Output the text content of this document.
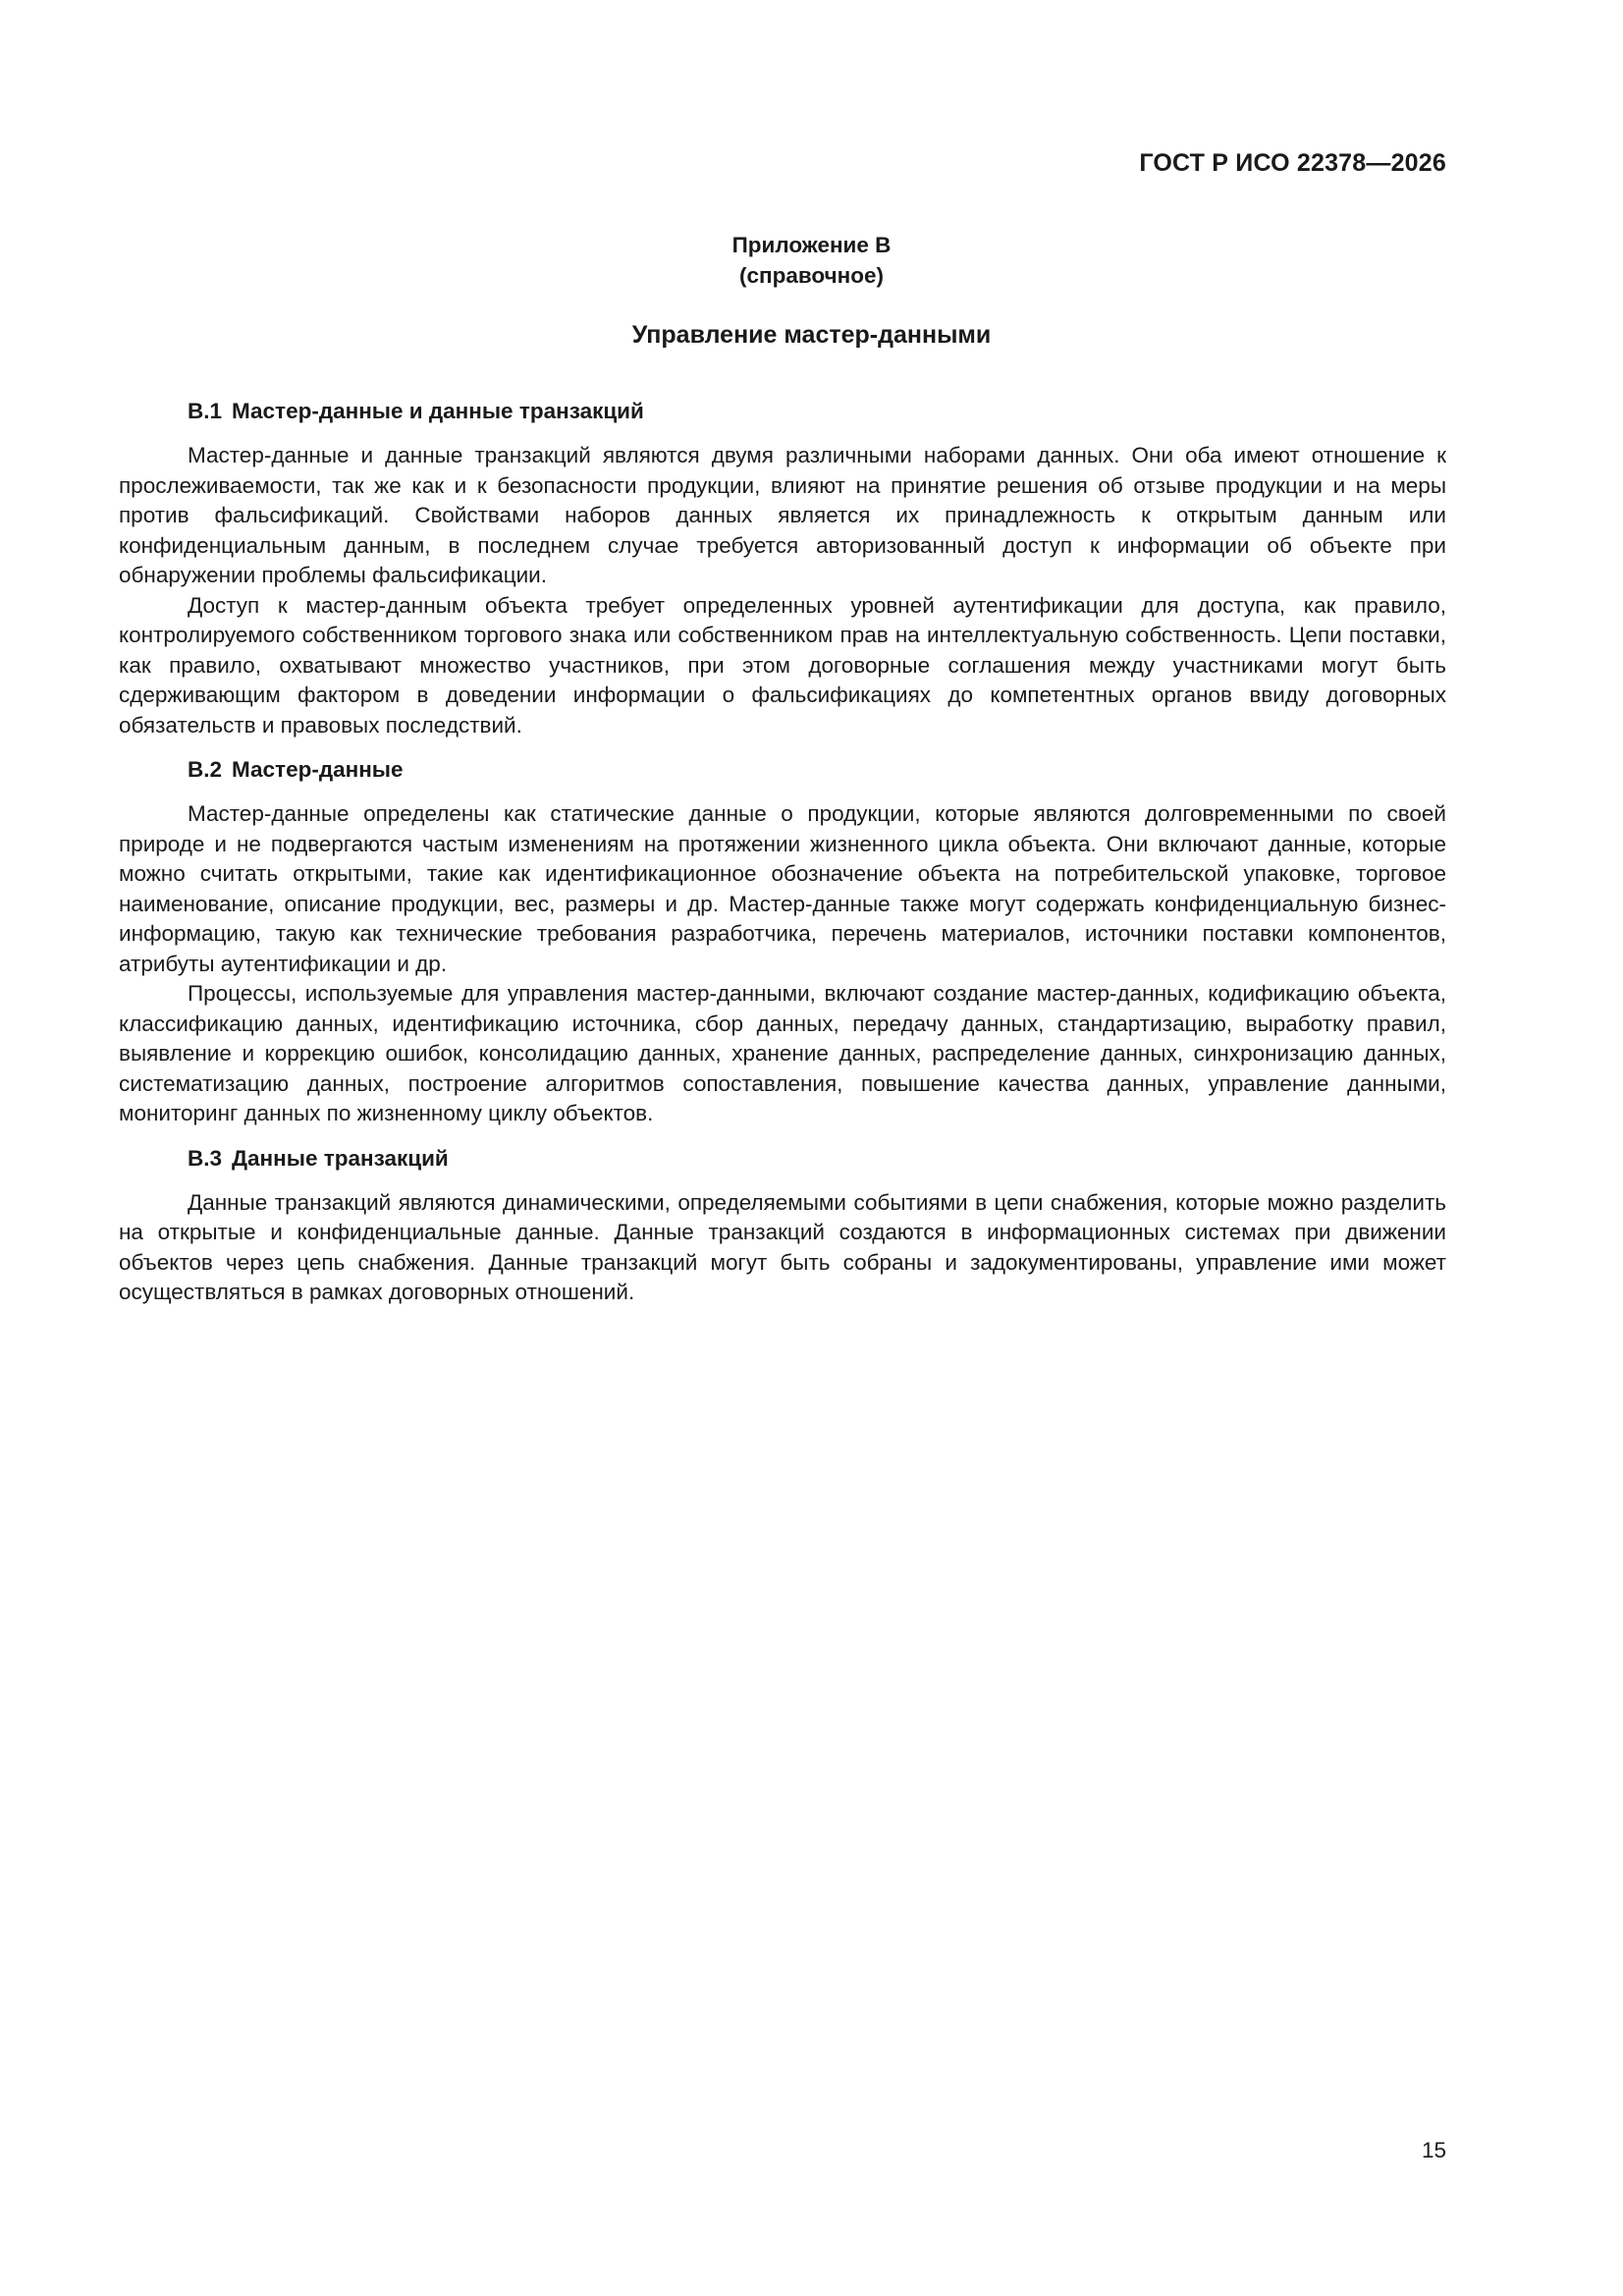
ГОСТ Р ИСО 22378—2026
Приложение В
(справочное)
Управление мастер-данными
В.1 Мастер-данные и данные транзакций

Мастер-данные и данные транзакций являются двумя различными наборами данных. Они оба имеют отношение к прослеживаемости, так же как и к безопасности продукции, влияют на принятие решения об отзыве продукции и на меры против фальсификаций. Свойствами наборов данных является их принадлежность к открытым данным или конфиденциальным данным, в последнем случае требуется авторизованный доступ к информации об объекте при обнаружении проблемы фальсификации.

Доступ к мастер-данным объекта требует определенных уровней аутентификации для доступа, как правило, контролируемого собственником торгового знака или собственником прав на интеллектуальную собственность. Цепи поставки, как правило, охватывают множество участников, при этом договорные соглашения между участниками могут быть сдерживающим фактором в доведении информации о фальсификациях до компетентных органов ввиду договорных обязательств и правовых последствий.

В.2 Мастер-данные

Мастер-данные определены как статические данные о продукции, которые являются долговременными по своей природе и не подвергаются частым изменениям на протяжении жизненного цикла объекта. Они включают данные, которые можно считать открытыми, такие как идентификационное обозначение объекта на потребительской упаковке, торговое наименование, описание продукции, вес, размеры и др. Мастер-данные также могут содержать конфиденциальную бизнес-информацию, такую как технические требования разработчика, перечень материалов, источники поставки компонентов, атрибуты аутентификации и др.

Процессы, используемые для управления мастер-данными, включают создание мастер-данных, кодификацию объекта, классификацию данных, идентификацию источника, сбор данных, передачу данных, стандартизацию, выработку правил, выявление и коррекцию ошибок, консолидацию данных, хранение данных, распределение данных, синхронизацию данных, систематизацию данных, построение алгоритмов сопоставления, повышение качества данных, управление данными, мониторинг данных по жизненному циклу объектов.

В.3 Данные транзакций

Данные транзакций являются динамическими, определяемыми событиями в цепи снабжения, которые можно разделить на открытые и конфиденциальные данные. Данные транзакций создаются в информационных системах при движении объектов через цепь снабжения. Данные транзакций могут быть собраны и задокументированы, управление ими может осуществляться в рамках договорных отношений.

15
